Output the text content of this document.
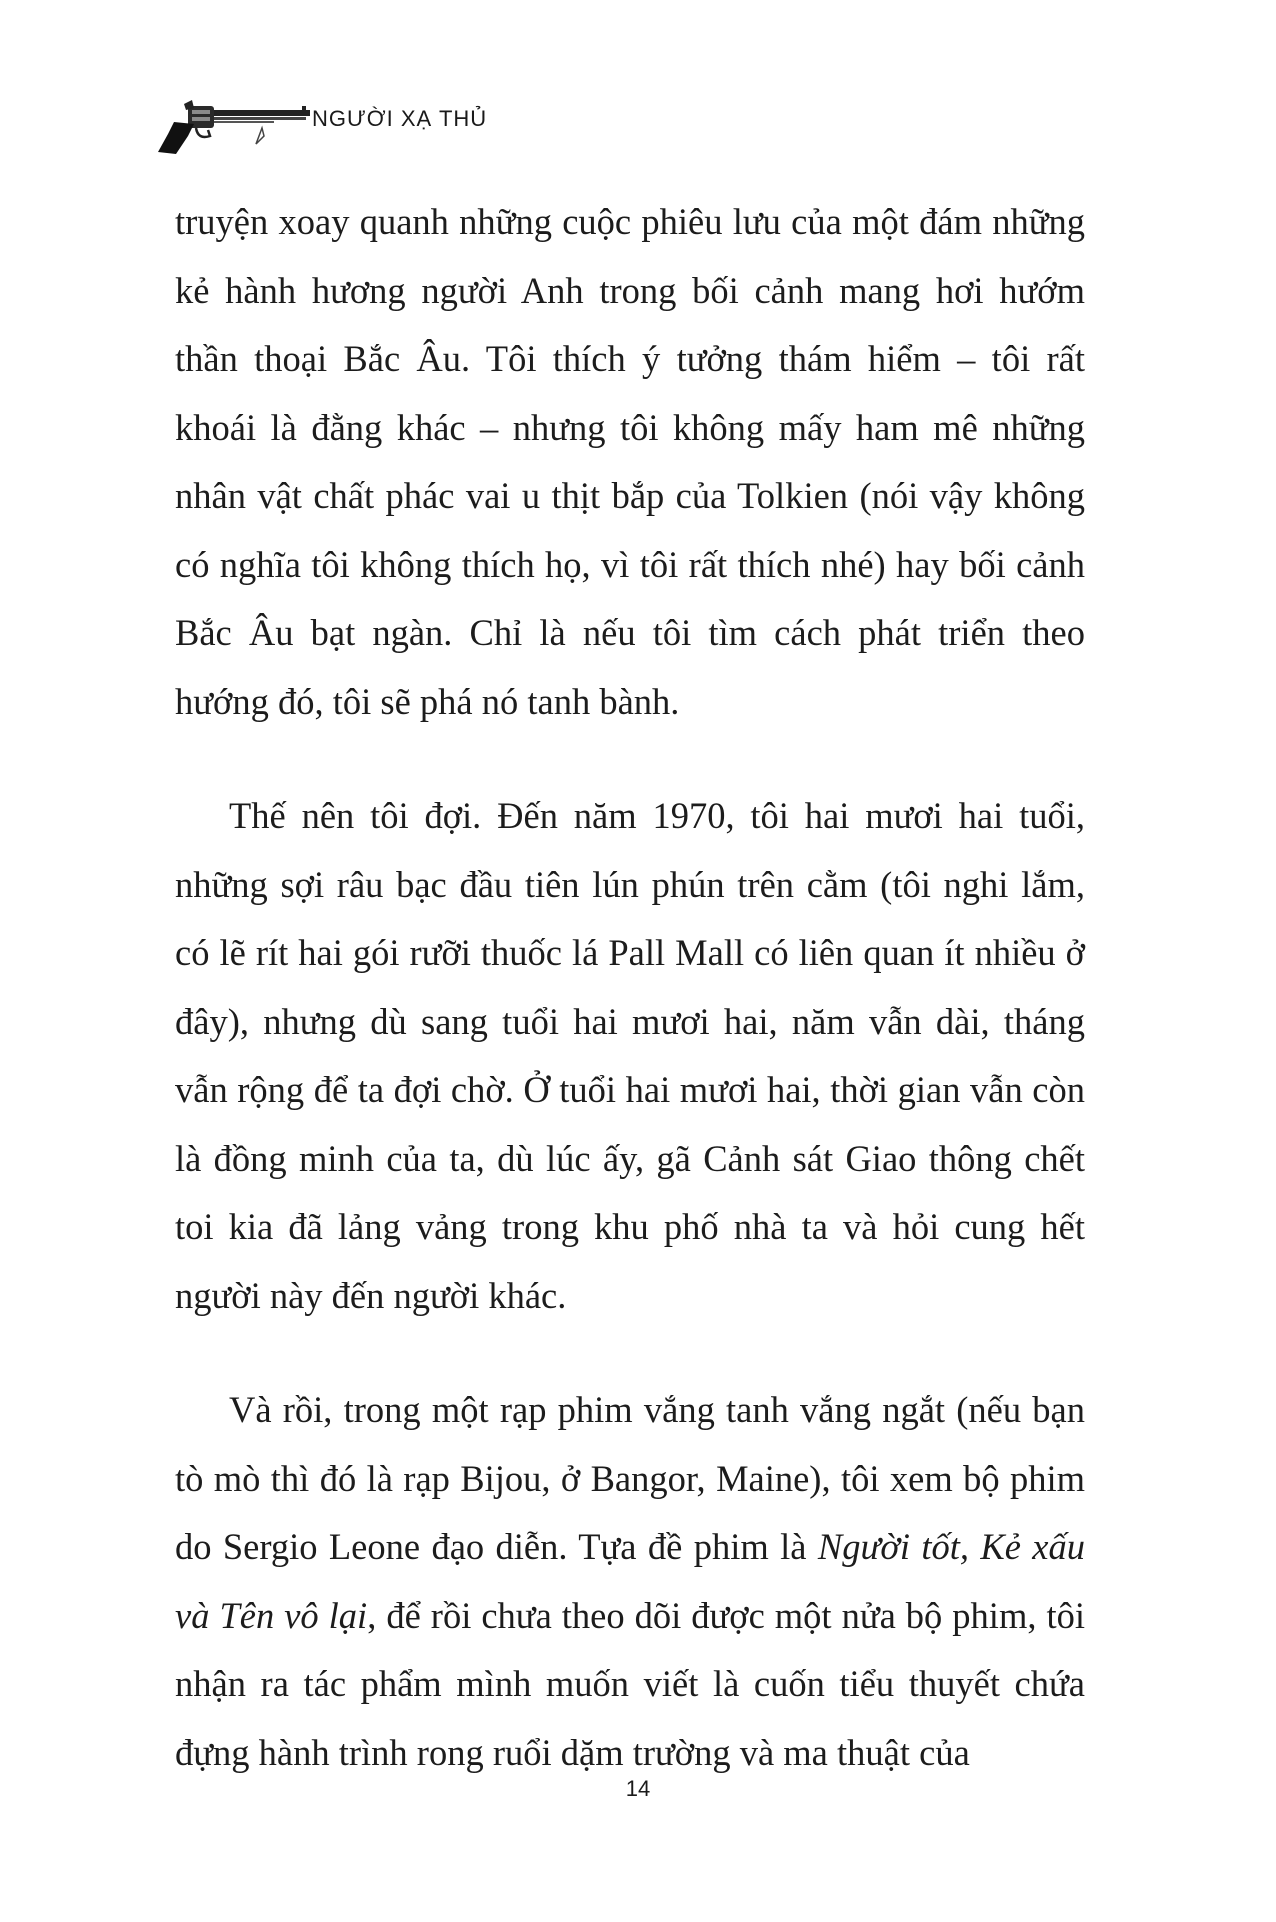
NGƯỜI XẠ THỦ

truyện xoay quanh những cuộc phiêu lưu của một đám những kẻ hành hương người Anh trong bối cảnh mang hơi hướm thần thoại Bắc Âu. Tôi thích ý tưởng thám hiểm – tôi rất khoái là đằng khác – nhưng tôi không mấy ham mê những nhân vật chất phác vai u thịt bắp của Tolkien (nói vậy không có nghĩa tôi không thích họ, vì tôi rất thích nhé) hay bối cảnh Bắc Âu bạt ngàn. Chỉ là nếu tôi tìm cách phát triển theo hướng đó, tôi sẽ phá nó tanh bành.

Thế nên tôi đợi. Đến năm 1970, tôi hai mươi hai tuổi, những sợi râu bạc đầu tiên lún phún trên cằm (tôi nghi lắm, có lẽ rít hai gói rưỡi thuốc lá Pall Mall có liên quan ít nhiều ở đây), nhưng dù sang tuổi hai mươi hai, năm vẫn dài, tháng vẫn rộng để ta đợi chờ. Ở tuổi hai mươi hai, thời gian vẫn còn là đồng minh của ta, dù lúc ấy, gã Cảnh sát Giao thông chết toi kia đã lảng vảng trong khu phố nhà ta và hỏi cung hết người này đến người khác.

Và rồi, trong một rạp phim vắng tanh vắng ngắt (nếu bạn tò mò thì đó là rạp Bijou, ở Bangor, Maine), tôi xem bộ phim do Sergio Leone đạo diễn. Tựa đề phim là Người tốt, Kẻ xấu và Tên vô lại, để rồi chưa theo dõi được một nửa bộ phim, tôi nhận ra tác phẩm mình muốn viết là cuốn tiểu thuyết chứa đựng hành trình rong ruổi dặm trường và ma thuật của

14
